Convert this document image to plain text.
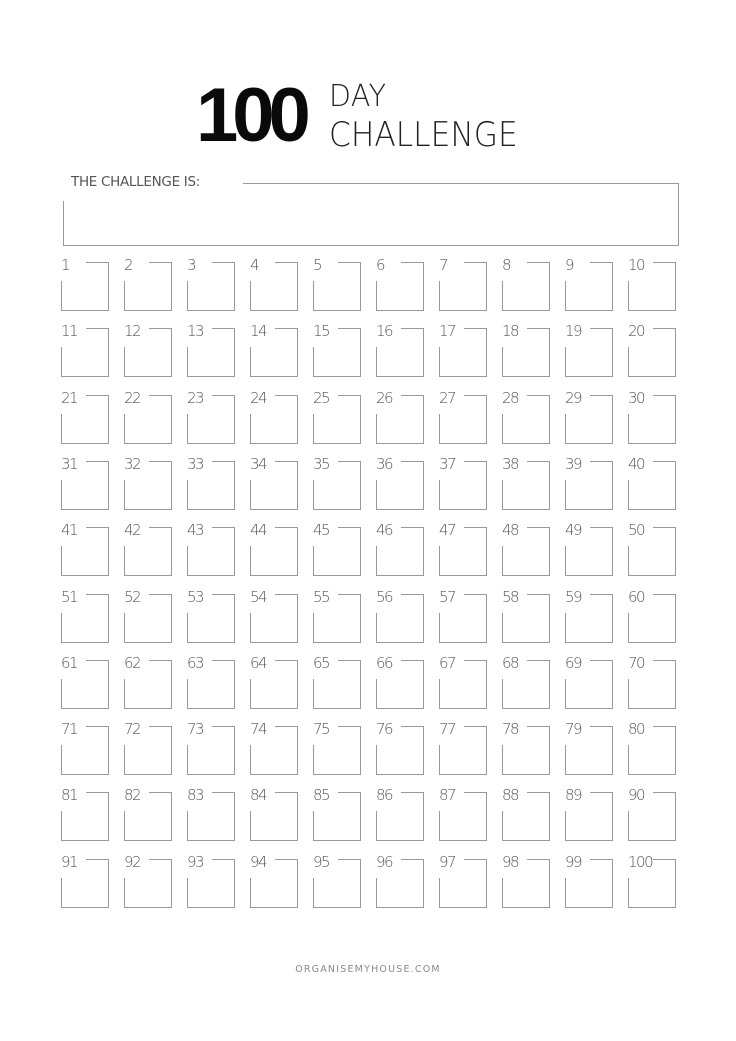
100 DAY
CHALLENGE
THE CHALLENGE IS:
1	2	3	4	5	6	7	8	9	10
11	12	13	14	15	16	17	18	19	20
21	22	23	24	25	26	27	28	29	30
31	32	33	34	35	36	37	38	39	40
41	42	43	44	45	46	47	48	49	50
51	52	53	54	55	56	57	58	59	60
61	62	63	64	65	66	67	68	69	70
71	72	73	74	75	76	77	78	79	80
81	82	83	84	85	86	87	88	89	90
91	92	93	94	95	96	97	98	99	100
ORGANISEMYHOUSE.COM
